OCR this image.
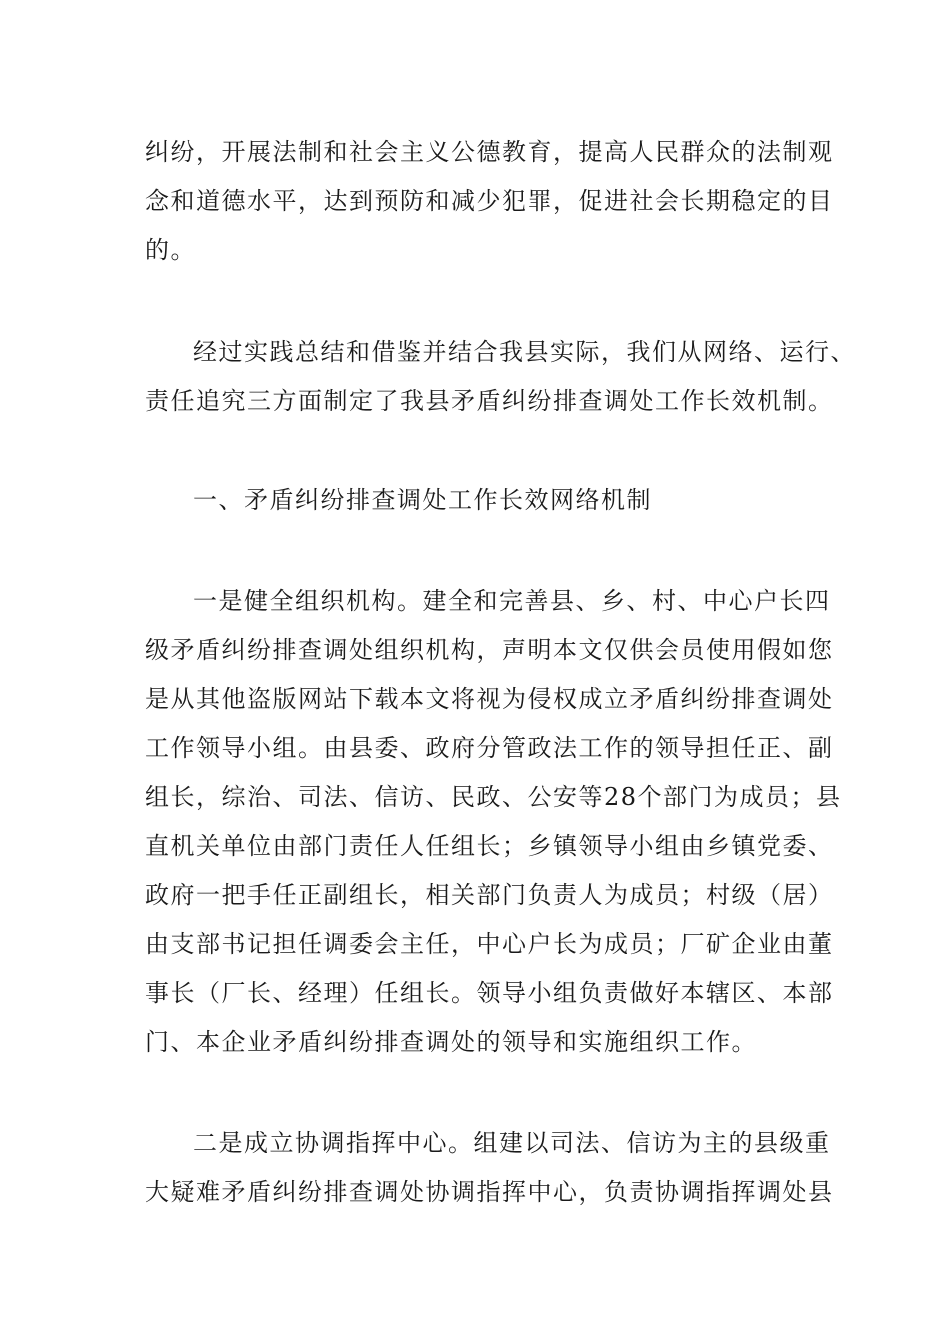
纠纷，开展法制和社会主义公德教育，提高人民群众的法制观

念和道德水平，达到预防和减少犯罪，促进社会长期稳定的目

的。

经过实践总结和借鉴并结合我县实际，我们从网络、运行、

责任追究三方面制定了我县矛盾纠纷排查调处工作长效机制。

一、矛盾纠纷排查调处工作长效网络机制

一是健全组织机构。建全和完善县、乡、村、中心户长四

级矛盾纠纷排查调处组织机构，声明本文仅供会员使用假如您

是从其他盗版网站下载本文将视为侵权成立矛盾纠纷排查调处

工作领导小组。由县委、政府分管政法工作的领导担任正、副

组长，综治、司法、信访、民政、公安等28个部门为成员；县

直机关单位由部门责任人任组长；乡镇领导小组由乡镇党委、

政府一把手任正副组长，相关部门负责人为成员；村级（居）

由支部书记担任调委会主任，中心户长为成员；厂矿企业由董

事长（厂长、经理）任组长。领导小组负责做好本辖区、本部

门、本企业矛盾纠纷排查调处的领导和实施组织工作。

二是成立协调指挥中心。组建以司法、信访为主的县级重

大疑难矛盾纠纷排查调处协调指挥中心，负责协调指挥调处县
